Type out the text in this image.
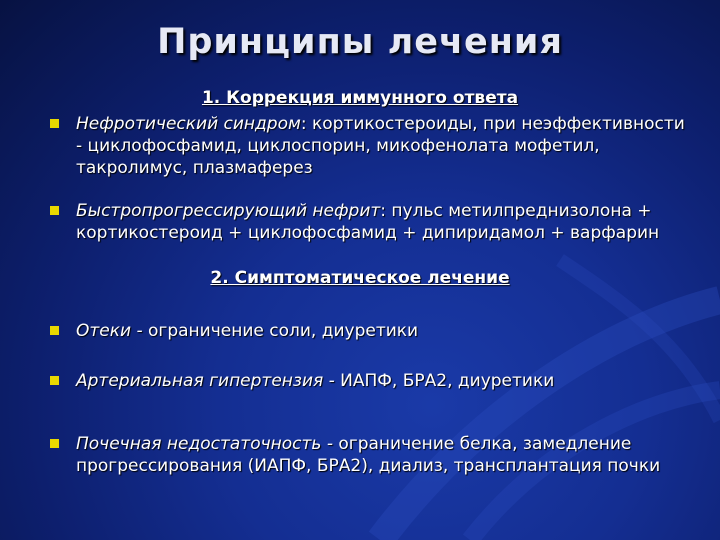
Принципы лечения
1. Коррекция иммунного ответа
Нефротический синдром: кортикостероиды, при неэффективности - циклофосфамид, циклоспорин, микофенолата мофетил, такролимус, плазмаферез
Быстропрогрессирующий нефрит: пульс метилпреднизолона + кортикостероид + циклофосфамид + дипиридамол + варфарин
2. Симптоматическое лечение
Отеки - ограничение соли, диуретики
Артериальная гипертензия - ИАПФ, БРА2, диуретики
Почечная недостаточность - ограничение белка, замедление прогрессирования (ИАПФ, БРА2), диализ, трансплантация почки
